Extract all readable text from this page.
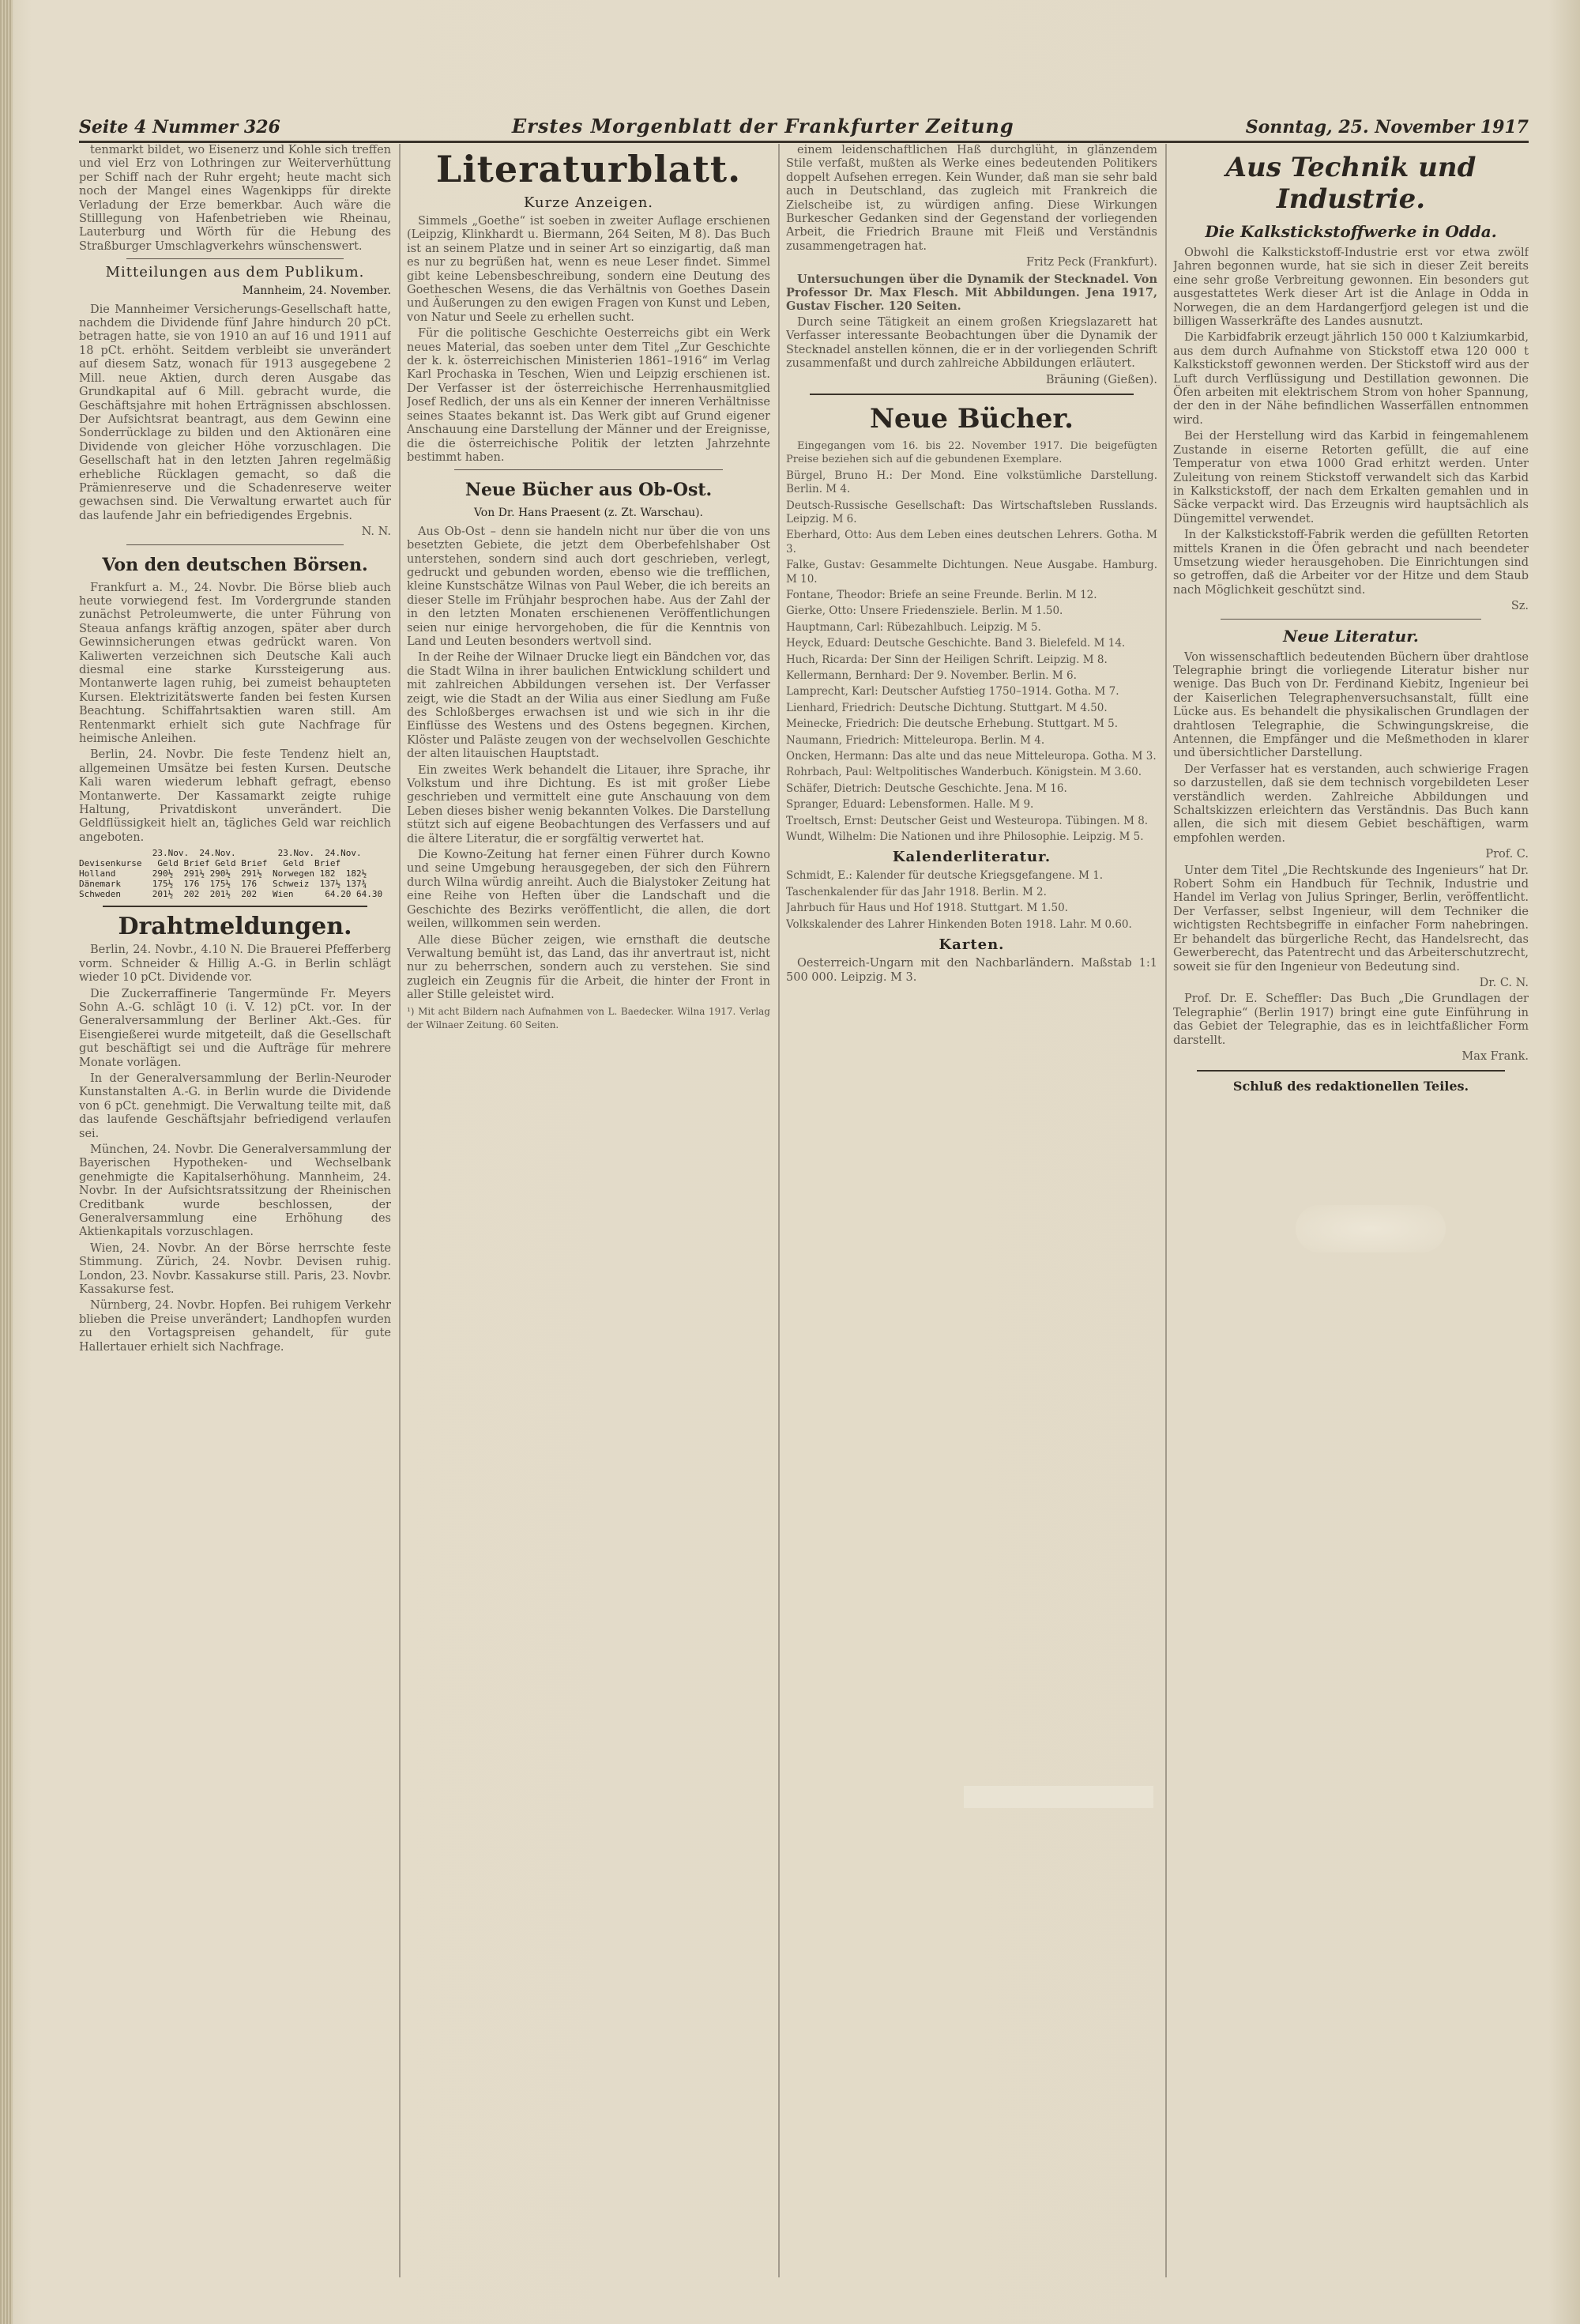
Seite 4 Nummer 326	Erstes Morgenblatt der Frankfurter Zeitung	Sonntag, 25. November 1917

tenmarkt bildet, wo Eisenerz und Kohle sich treffen und viel Erz von Lothringen zur Weiterverhüttung per Schiff nach der Ruhr ergeht; heute macht sich noch der Mangel eines Wagenkipps für direkte Verladung der Erze bemerkbar. Auch wäre die Stilllegung von Hafenbetrieben wie Rheinau, Lauterburg und Wörth für die Hebung des Straßburger Umschlagverkehrs wünschenswert.

Mitteilungen aus dem Publikum.
Mannheim, 24. November.

Die Mannheimer Versicherungs-Gesellschaft hatte, nachdem die Dividende fünf Jahre hindurch 20 pCt. betragen hatte, sie von 1910 an auf 16 und 1911 auf 18 pCt. erhöht. Seitdem verbleibt sie unverändert auf diesem Satz, wonach für 1913 ausgegebene 2 Mill. neue Aktien, durch deren Ausgabe das Grundkapital auf 6 Mill. gebracht wurde, die Geschäftsjahre mit hohen Erträgnissen abschlossen. Der Aufsichtsrat beantragt, aus dem Gewinn eine Sonderrücklage zu bilden und den Aktionären eine Dividende von gleicher Höhe vorzuschlagen. Die Gesellschaft hat in den letzten Jahren regelmäßig erhebliche Rücklagen gemacht, so daß die Prämienreserve und die Schadenreserve weiter gewachsen sind. Die Verwaltung erwartet auch für das laufende Jahr ein befriedigendes Ergebnis.

N. N.

Von den deutschen Börsen.

Frankfurt a. M., 24. Novbr. Die Börse blieb auch heute vorwiegend fest. Im Vordergrunde standen zunächst Petroleumwerte, die unter Führung von Steaua anfangs kräftig anzogen, später aber durch Gewinnsicherungen etwas gedrückt waren. Von Kaliwerten verzeichnen sich Deutsche Kali auch diesmal eine starke Kurssteigerung aus. Montanwerte lagen ruhig, bei zumeist behaupteten Kursen. Elektrizitätswerte fanden bei festen Kursen Beachtung. Schiffahrtsaktien waren still. Am Rentenmarkt erhielt sich gute Nachfrage für heimische Anleihen.

Berlin, 24. Novbr. Die feste Tendenz hielt an, allgemeinen Umsätze bei festen Kursen. Deutsche Kali waren wiederum lebhaft gefragt, ebenso Montanwerte. Der Kassamarkt zeigte ruhige Haltung, Privatdiskont unverändert. Die Geldflüssigkeit hielt an, tägliches Geld war reichlich angeboten.

23.Nov.  24.Nov.        23.Nov.  24.Nov.
Devisenkurse   Geld Brief Geld Brief   Geld  Brief
Holland       290½  291½ 290½  291½  Norwegen 182  182½
Dänemark      175½  176  175½  176   Schweiz  137½ 137¾
Schweden      201½  202  201½  202   Wien      64.20 64.30
Drahtmeldungen.

Berlin, 24. Novbr., 4.10 N. Die Brauerei Pfefferberg vorm. Schneider & Hillig A.-G. in Berlin schlägt wieder 10 pCt. Dividende vor.

Die Zuckerraffinerie Tangermünde Fr. Meyers Sohn A.-G. schlägt 10 (i. V. 12) pCt. vor. In der Generalversammlung der Berliner Akt.-Ges. für Eisengießerei wurde mitgeteilt, daß die Gesellschaft gut beschäftigt sei und die Aufträge für mehrere Monate vorlägen.

In der Generalversammlung der Berlin-Neuroder Kunstanstalten A.-G. in Berlin wurde die Dividende von 6 pCt. genehmigt. Die Verwaltung teilte mit, daß das laufende Geschäftsjahr befriedigend verlaufen sei.

München, 24. Novbr. Die Generalversammlung der Bayerischen Hypotheken- und Wechselbank genehmigte die Kapitalserhöhung. Mannheim, 24. Novbr. In der Aufsichtsratssitzung der Rheinischen Creditbank wurde beschlossen, der Generalversammlung eine Erhöhung des Aktienkapitals vorzuschlagen.

Wien, 24. Novbr. An der Börse herrschte feste Stimmung. Zürich, 24. Novbr. Devisen ruhig. London, 23. Novbr. Kassakurse still. Paris, 23. Novbr. Kassakurse fest.

Nürnberg, 24. Novbr. Hopfen. Bei ruhigem Verkehr blieben die Preise unverändert; Landhopfen wurden zu den Vortagspreisen gehandelt, für gute Hallertauer erhielt sich Nachfrage.

Literaturblatt.
Kurze Anzeigen.

Simmels „Goethe“ ist soeben in zweiter Auflage erschienen (Leipzig, Klinkhardt u. Biermann, 264 Seiten, M 8). Das Buch ist an seinem Platze und in seiner Art so einzigartig, daß man es nur zu begrüßen hat, wenn es neue Leser findet. Simmel gibt keine Lebensbeschreibung, sondern eine Deutung des Goetheschen Wesens, die das Verhältnis von Goethes Dasein und Äußerungen zu den ewigen Fragen von Kunst und Leben, von Natur und Seele zu erhellen sucht.

Für die politische Geschichte Oesterreichs gibt ein Werk neues Material, das soeben unter dem Titel „Zur Geschichte der k. k. österreichischen Ministerien 1861–1916“ im Verlag Karl Prochaska in Teschen, Wien und Leipzig erschienen ist. Der Verfasser ist der österreichische Herrenhausmitglied Josef Redlich, der uns als ein Kenner der inneren Verhältnisse seines Staates bekannt ist. Das Werk gibt auf Grund eigener Anschauung eine Darstellung der Männer und der Ereignisse, die die österreichische Politik der letzten Jahrzehnte bestimmt haben.

Neue Bücher aus Ob-Ost.
Von Dr. Hans Praesent (z. Zt. Warschau).

Aus Ob-Ost – denn sie handeln nicht nur über die von uns besetzten Gebiete, die jetzt dem Oberbefehlshaber Ost unterstehen, sondern sind auch dort geschrieben, verlegt, gedruckt und gebunden worden, ebenso wie die trefflichen, kleine Kunstschätze Wilnas von Paul Weber, die ich bereits an dieser Stelle im Frühjahr besprochen habe. Aus der Zahl der in den letzten Monaten erschienenen Veröffentlichungen seien nur einige hervorgehoben, die für die Kenntnis von Land und Leuten besonders wertvoll sind.

In der Reihe der Wilnaer Drucke liegt ein Bändchen vor, das die Stadt Wilna in ihrer baulichen Entwicklung schildert und mit zahlreichen Abbildungen versehen ist. Der Verfasser zeigt, wie die Stadt an der Wilia aus einer Siedlung am Fuße des Schloßberges erwachsen ist und wie sich in ihr die Einflüsse des Westens und des Ostens begegnen. Kirchen, Klöster und Paläste zeugen von der wechselvollen Geschichte der alten litauischen Hauptstadt.

Ein zweites Werk behandelt die Litauer, ihre Sprache, ihr Volkstum und ihre Dichtung. Es ist mit großer Liebe geschrieben und vermittelt eine gute Anschauung von dem Leben dieses bisher wenig bekannten Volkes. Die Darstellung stützt sich auf eigene Beobachtungen des Verfassers und auf die ältere Literatur, die er sorgfältig verwertet hat.

Die Kowno-Zeitung hat ferner einen Führer durch Kowno und seine Umgebung herausgegeben, der sich den Führern durch Wilna würdig anreiht. Auch die Bialystoker Zeitung hat eine Reihe von Heften über die Landschaft und die Geschichte des Bezirks veröffentlicht, die allen, die dort weilen, willkommen sein werden.

Alle diese Bücher zeigen, wie ernsthaft die deutsche Verwaltung bemüht ist, das Land, das ihr anvertraut ist, nicht nur zu beherrschen, sondern auch zu verstehen. Sie sind zugleich ein Zeugnis für die Arbeit, die hinter der Front in aller Stille geleistet wird.

¹) Mit acht Bildern nach Aufnahmen von L. Baedecker. Wilna 1917. Verlag der Wilnaer Zeitung. 60 Seiten.

einem leidenschaftlichen Haß durchglüht, in glänzendem Stile verfaßt, mußten als Werke eines bedeutenden Politikers doppelt Aufsehen erregen. Kein Wunder, daß man sie sehr bald auch in Deutschland, das zugleich mit Frankreich die Zielscheibe ist, zu würdigen anfing. Diese Wirkungen Burkescher Gedanken sind der Gegenstand der vorliegenden Arbeit, die Friedrich Braune mit Fleiß und Verständnis zusammengetragen hat.

Fritz Peck (Frankfurt).

Untersuchungen über die Dynamik der Stecknadel. Von Professor Dr. Max Flesch. Mit Abbildungen. Jena 1917, Gustav Fischer. 120 Seiten.

Durch seine Tätigkeit an einem großen Kriegslazarett hat Verfasser interessante Beobachtungen über die Dynamik der Stecknadel anstellen können, die er in der vorliegenden Schrift zusammenfaßt und durch zahlreiche Abbildungen erläutert.

Bräuning (Gießen).

Neue Bücher.

Eingegangen vom 16. bis 22. November 1917. Die beigefügten Preise beziehen sich auf die gebundenen Exemplare.

Bürgel, Bruno H.: Der Mond. Eine volkstümliche Darstellung. Berlin. M 4.

Deutsch-Russische Gesellschaft: Das Wirtschaftsleben Russlands. Leipzig. M 6.

Eberhard, Otto: Aus dem Leben eines deutschen Lehrers. Gotha. M 3.

Falke, Gustav: Gesammelte Dichtungen. Neue Ausgabe. Hamburg. M 10.

Fontane, Theodor: Briefe an seine Freunde. Berlin. M 12.

Gierke, Otto: Unsere Friedensziele. Berlin. M 1.50.

Hauptmann, Carl: Rübezahlbuch. Leipzig. M 5.

Heyck, Eduard: Deutsche Geschichte. Band 3. Bielefeld. M 14.

Huch, Ricarda: Der Sinn der Heiligen Schrift. Leipzig. M 8.

Kellermann, Bernhard: Der 9. November. Berlin. M 6.

Lamprecht, Karl: Deutscher Aufstieg 1750–1914. Gotha. M 7.

Lienhard, Friedrich: Deutsche Dichtung. Stuttgart. M 4.50.

Meinecke, Friedrich: Die deutsche Erhebung. Stuttgart. M 5.

Naumann, Friedrich: Mitteleuropa. Berlin. M 4.

Oncken, Hermann: Das alte und das neue Mitteleuropa. Gotha. M 3.

Rohrbach, Paul: Weltpolitisches Wanderbuch. Königstein. M 3.60.

Schäfer, Dietrich: Deutsche Geschichte. Jena. M 16.

Spranger, Eduard: Lebensformen. Halle. M 9.

Troeltsch, Ernst: Deutscher Geist und Westeuropa. Tübingen. M 8.

Wundt, Wilhelm: Die Nationen und ihre Philosophie. Leipzig. M 5.

Kalenderliteratur.

Schmidt, E.: Kalender für deutsche Kriegsgefangene. M 1.

Taschenkalender für das Jahr 1918. Berlin. M 2.

Jahrbuch für Haus und Hof 1918. Stuttgart. M 1.50.

Volkskalender des Lahrer Hinkenden Boten 1918. Lahr. M 0.60.

Karten.

Oesterreich-Ungarn mit den Nachbarländern. Maßstab 1:1 500 000. Leipzig. M 3.

Aus Technik und Industrie.
Die Kalkstickstoffwerke in Odda.

Obwohl die Kalkstickstoff-Industrie erst vor etwa zwölf Jahren begonnen wurde, hat sie sich in dieser Zeit bereits eine sehr große Verbreitung gewonnen. Ein besonders gut ausgestattetes Werk dieser Art ist die Anlage in Odda in Norwegen, die an dem Hardangerfjord gelegen ist und die billigen Wasserkräfte des Landes ausnutzt.

Die Karbidfabrik erzeugt jährlich 150 000 t Kalziumkarbid, aus dem durch Aufnahme von Stickstoff etwa 120 000 t Kalkstickstoff gewonnen werden. Der Stickstoff wird aus der Luft durch Verflüssigung und Destillation gewonnen. Die Öfen arbeiten mit elektrischem Strom von hoher Spannung, der den in der Nähe befindlichen Wasserfällen entnommen wird.

Bei der Herstellung wird das Karbid in feingemahlenem Zustande in eiserne Retorten gefüllt, die auf eine Temperatur von etwa 1000 Grad erhitzt werden. Unter Zuleitung von reinem Stickstoff verwandelt sich das Karbid in Kalkstickstoff, der nach dem Erkalten gemahlen und in Säcke verpackt wird. Das Erzeugnis wird hauptsächlich als Düngemittel verwendet.

In der Kalkstickstoff-Fabrik werden die gefüllten Retorten mittels Kranen in die Öfen gebracht und nach beendeter Umsetzung wieder herausgehoben. Die Einrichtungen sind so getroffen, daß die Arbeiter vor der Hitze und dem Staub nach Möglichkeit geschützt sind.

Sz.

Neue Literatur.

Von wissenschaftlich bedeutenden Büchern über drahtlose Telegraphie bringt die vorliegende Literatur bisher nur wenige. Das Buch von Dr. Ferdinand Kiebitz, Ingenieur bei der Kaiserlichen Telegraphenversuchsanstalt, füllt eine Lücke aus. Es behandelt die physikalischen Grundlagen der drahtlosen Telegraphie, die Schwingungskreise, die Antennen, die Empfänger und die Meßmethoden in klarer und übersichtlicher Darstellung.

Der Verfasser hat es verstanden, auch schwierige Fragen so darzustellen, daß sie dem technisch vorgebildeten Leser verständlich werden. Zahlreiche Abbildungen und Schaltskizzen erleichtern das Verständnis. Das Buch kann allen, die sich mit diesem Gebiet beschäftigen, warm empfohlen werden.

Prof. C.

Unter dem Titel „Die Rechtskunde des Ingenieurs“ hat Dr. Robert Sohm ein Handbuch für Technik, Industrie und Handel im Verlag von Julius Springer, Berlin, veröffentlicht. Der Verfasser, selbst Ingenieur, will dem Techniker die wichtigsten Rechtsbegriffe in einfacher Form nahebringen. Er behandelt das bürgerliche Recht, das Handelsrecht, das Gewerberecht, das Patentrecht und das Arbeiterschutzrecht, soweit sie für den Ingenieur von Bedeutung sind.

Dr. C. N.

Prof. Dr. E. Scheffler: Das Buch „Die Grundlagen der Telegraphie“ (Berlin 1917) bringt eine gute Einführung in das Gebiet der Telegraphie, das es in leichtfaßlicher Form darstellt.

Max Frank.

Schluß des redaktionellen Teiles.
